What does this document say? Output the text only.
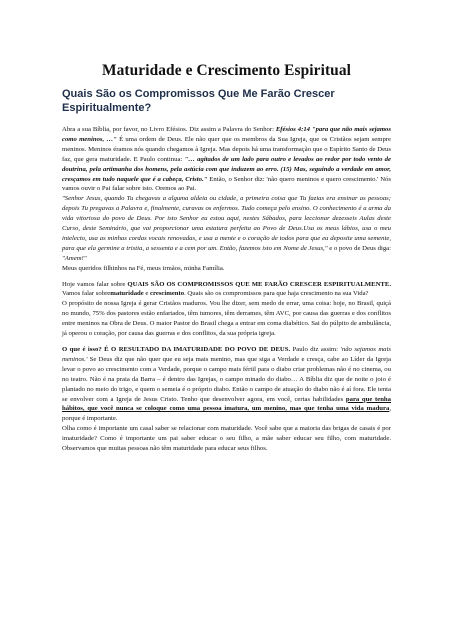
Maturidade e Crescimento Espiritual
Quais São os Compromissos Que Me Farão Crescer Espiritualmente?

Abra a sua Bíblia, por favor, no Livro Efésios. Diz assim a Palavra do Senhor: Efésios 4:14 "para que não mais sejamos como meninos, …" É uma ordem de Deus. Ele não quer que os membros da Sua Igreja, que os Cristãos sejam sempre meninos. Meninos éramos nós quando chegamos à Igreja. Mas depois há uma transformação que o Espírito Santo de Deus faz, que gera maturidade. E Paulo continua: "… agitados de um lado para outro e levados ao redor por todo vento de doutrina, pela artimanha dos homens, pela astúcia com que induzem ao erro. (15) Mas, seguindo a verdade em amor, cresçamos em tudo naquele que é a cabeça, Cristo." Então, o Senhor diz: 'não quero meninos e quero crescimento.' Nós vamos ouvir o Pai falar sobre isto. Oremos ao Pai.

"Senhor Jesus, quando Tu chegavas a alguma aldeia ou cidade, a primeira coisa que Tu fazias era ensinar as pessoas; depois Tu pregavas a Palavra e, finalmente, curavas os enfermos. Tudo começa pelo ensino. O conhecimento é a arma da vida vitoriosa do povo de Deus. Por isto Senhor eu estou aqui, nestes Sábados, para leccionar dezesseis Aulas deste Curso, deste Seminário, que vai proporcionar uma estatura perfeita ao Povo de Deus.Usa os meus lábios, usa o meu intelecto, usa as minhas cordas vocais renovadas, e usa a mente e o coração de todos para que eu deposite uma semente, para que ela germine a tristia, a sessenta e a cem por um. Então, fazemos isto em Nome de Jesus," e o povo de Deus diga: "Amem!"

Meus queridos filhinhos na Fé, meus irmãos, minha Família.

Hoje vamos falar sobre QUAIS SÃO OS COMPROMISSOS QUE ME FARÃO CRESCER ESPIRITUALMENTE. Vamos falar sobrematuridade e crescimento. Quais são os compromissos para que haja crescimento na sua Vida?

O propósito de nossa Igreja é gerar Cristãos maduros. Vou lhe dizer, sem medo de errar, uma coisa: hoje, no Brasil, quiçá no mundo, 75% dos pastores estão enfartados, têm tumores, têm derrames, têm AVC, por causa das guerras e dos conflitos entre meninos na Obra de Deus. O maior Pastor do Brasil chega a entrar em coma diabético. Sai do púlpito de ambulância, já operou o coração, por causa das guerras e dos conflitos, da sua própria igreja.

O que é isso? É O RESULTADO DA IMATURIDADE DO POVO DE DEUS. Paulo diz assim: 'não sejamos mais meninos.' Se Deus diz que não quer que eu seja mais menino, mas que siga a Verdade e cresça, cabe ao Líder da Igreja levar o povo ao crescimento com a Verdade, porque o campo mais fértil para o diabo criar problemas não é no cinema, ou no teatro. Não é na praia da Barra – é dentro das Igrejas, o campo minado do diabo… A Bíblia diz que de noite o joio é plantado no meio do trigo, e quem o semeia é o próprio diabo. Então o campo de atuação do diabo não é aí fora. Ele tenta se envolver com a Igreja de Jesus Cristo. Tenho que desenvolver agora, em você, certas habilidades para que tenha hábitos, que você nunca se coloque como uma pessoa imatura, um menino, mas que tenha uma vida madura, porque é importante.

Olha como é importante um casal saber se relacionar com maturidade. Você sabe que a maioria das brigas de casais é por imaturidade? Como é importante um pai saber educar o seu filho, a mãe saber educar seu filho, com maturidade. Observamos que muitas pessoas não têm maturidade para educar seus filhos.
